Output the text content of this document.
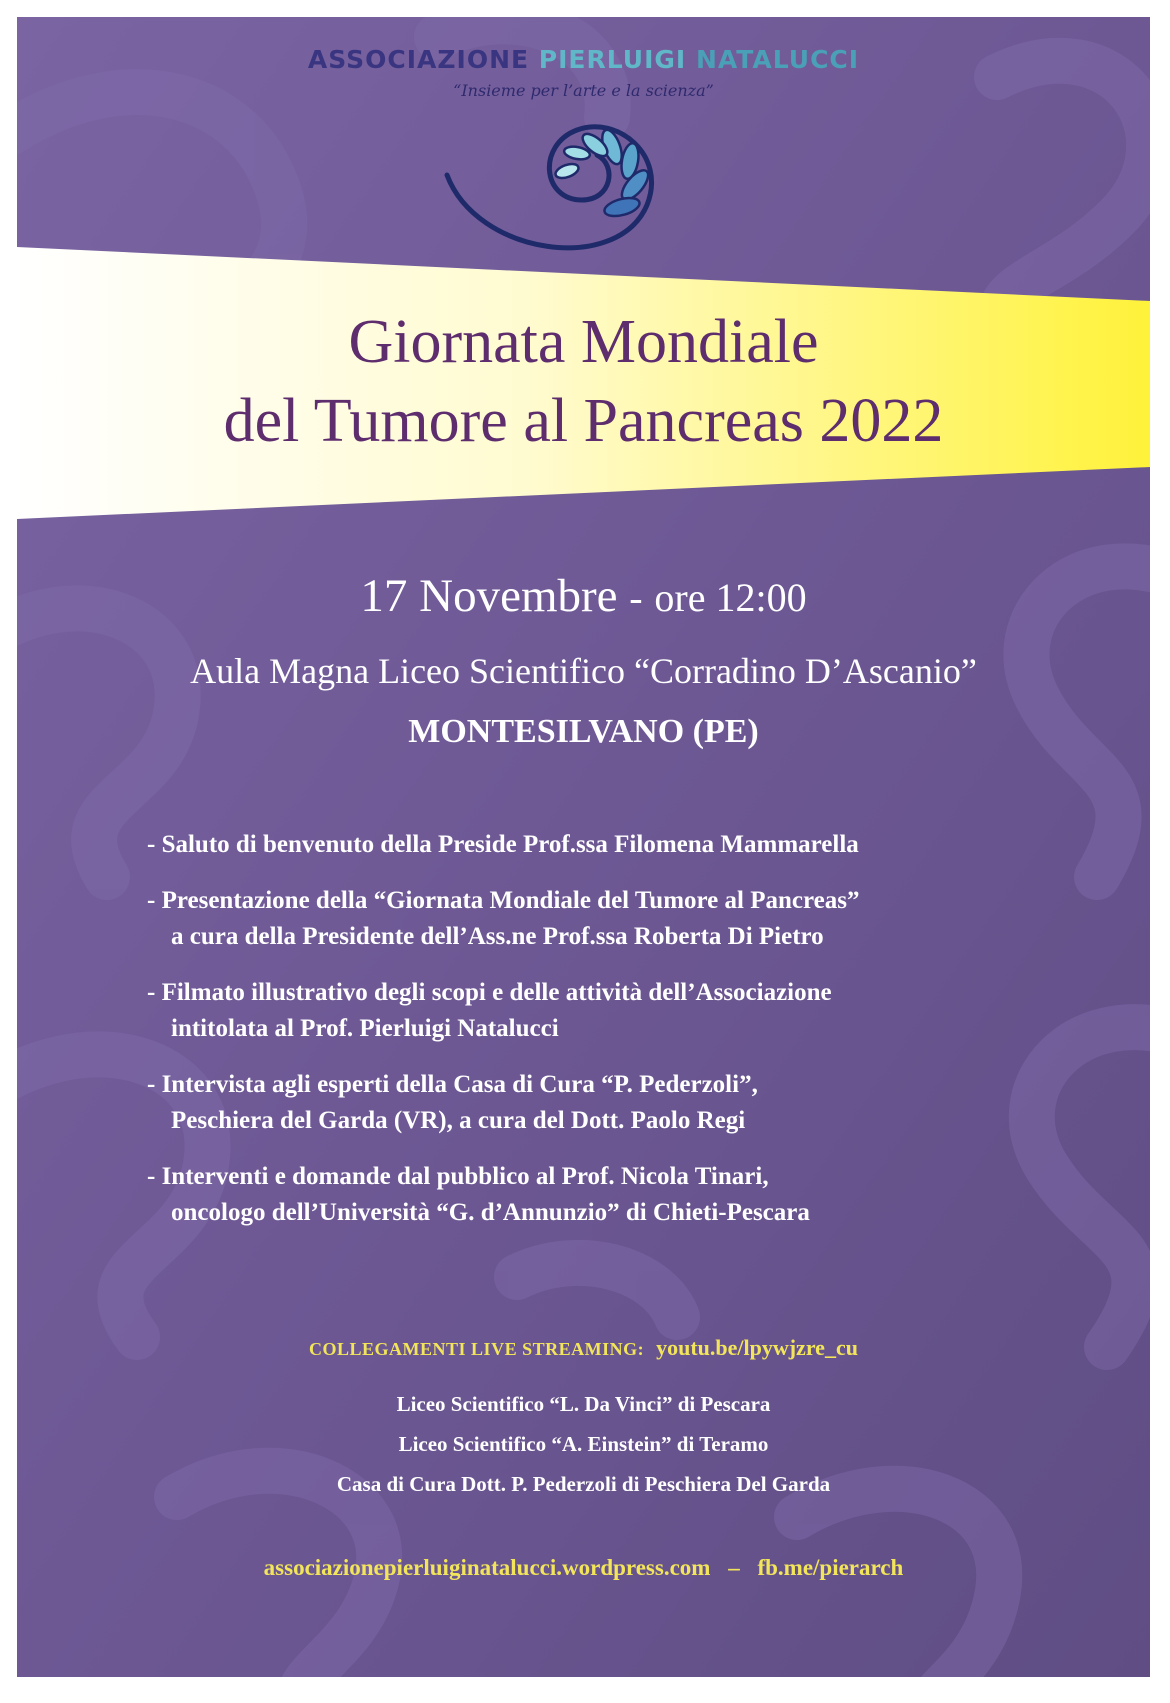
ASSOCIAZIONE PIERLUIGI NATALUCCI
“Insieme per l’arte e la scienza”
Giornata Mondiale
del Tumore al Pancreas 2022
17 Novembre - ore 12:00
Aula Magna Liceo Scientifico “Corradino D’Ascanio”
MONTESILVANO (PE)
- Saluto di benvenuto della Preside Prof.ssa Filomena Mammarella
- Presentazione della “Giornata Mondiale del Tumore al Pancreas”
a cura della Presidente dell’Ass.ne Prof.ssa Roberta Di Pietro
- Filmato illustrativo degli scopi e delle attività dell’Associazione
intitolata al Prof. Pierluigi Natalucci
- Intervista agli esperti della Casa di Cura “P. Pederzoli”,
Peschiera del Garda (VR), a cura del Dott. Paolo Regi
- Interventi e domande dal pubblico al Prof. Nicola Tinari,
oncologo dell’Università “G. d’Annunzio” di Chieti-Pescara
COLLEGAMENTI LIVE STREAMING: youtu.be/lpywjzre_cu
Liceo Scientifico “L. Da Vinci” di Pescara
Liceo Scientifico “A. Einstein” di Teramo
Casa di Cura Dott. P. Pederzoli di Peschiera Del Garda
associazionepierluiginatalucci.wordpress.com – fb.me/pierarch
